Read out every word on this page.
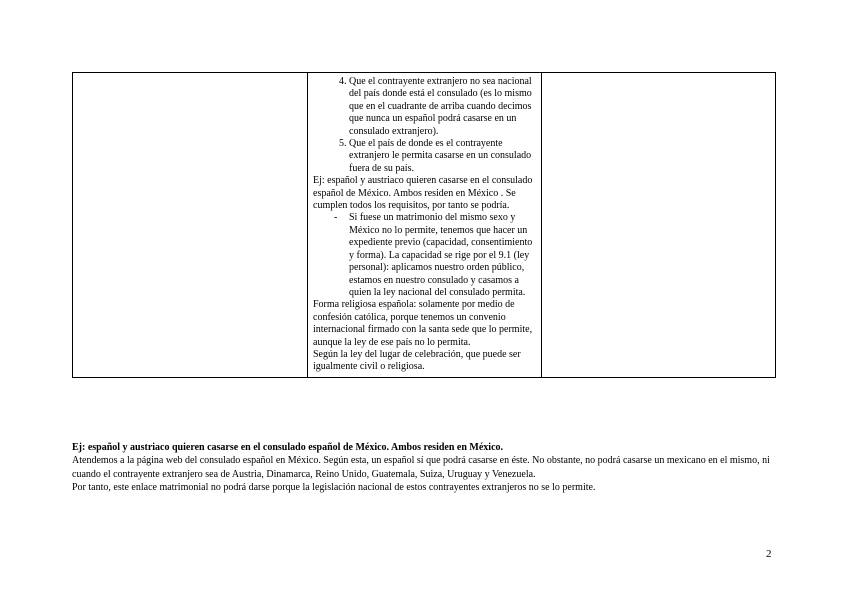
4. Que el contrayente extranjero no sea nacional del país donde está el consulado (es lo mismo que en el cuadrante de arriba cuando decimos que nunca un español podrá casarse en un consulado extranjero).
5. Que el país de donde es el contrayente extranjero le permita casarse en un consulado fuera de su país.

Ej: español y austriaco quieren casarse en el consulado español de México. Ambos residen en México . Se cumplen todos los requisitos, por tanto se podría.

- Si fuese un matrimonio del mismo sexo y México no lo permite, tenemos que hacer un expediente previo (capacidad, consentimiento y forma). La capacidad se rige por el 9.1 (ley personal): aplicamos nuestro orden público, estamos en nuestro consulado y casamos a quien la ley nacional del consulado permita.

Forma religiosa española: solamente por medio de confesión católica, porque tenemos un convenio internacional firmado con la santa sede que lo permite, aunque la ley de ese país no lo permita.

Según la ley del lugar de celebración, que puede ser igualmente civil o religiosa.

Ej: español y austriaco quieren casarse en el consulado español de México. Ambos residen en México.

Atendemos a la página web del consulado español en México. Según esta, un español sí que podrá casarse en éste. No obstante, no podrá casarse un mexicano en el mismo, ni cuando el contrayente extranjero sea de Austria, Dinamarca, Reino Unido, Guatemala, Suiza, Uruguay y Venezuela.

Por tanto, este enlace matrimonial no podrá darse porque la legislación nacional de estos contrayentes extranjeros no se lo permite.

2
